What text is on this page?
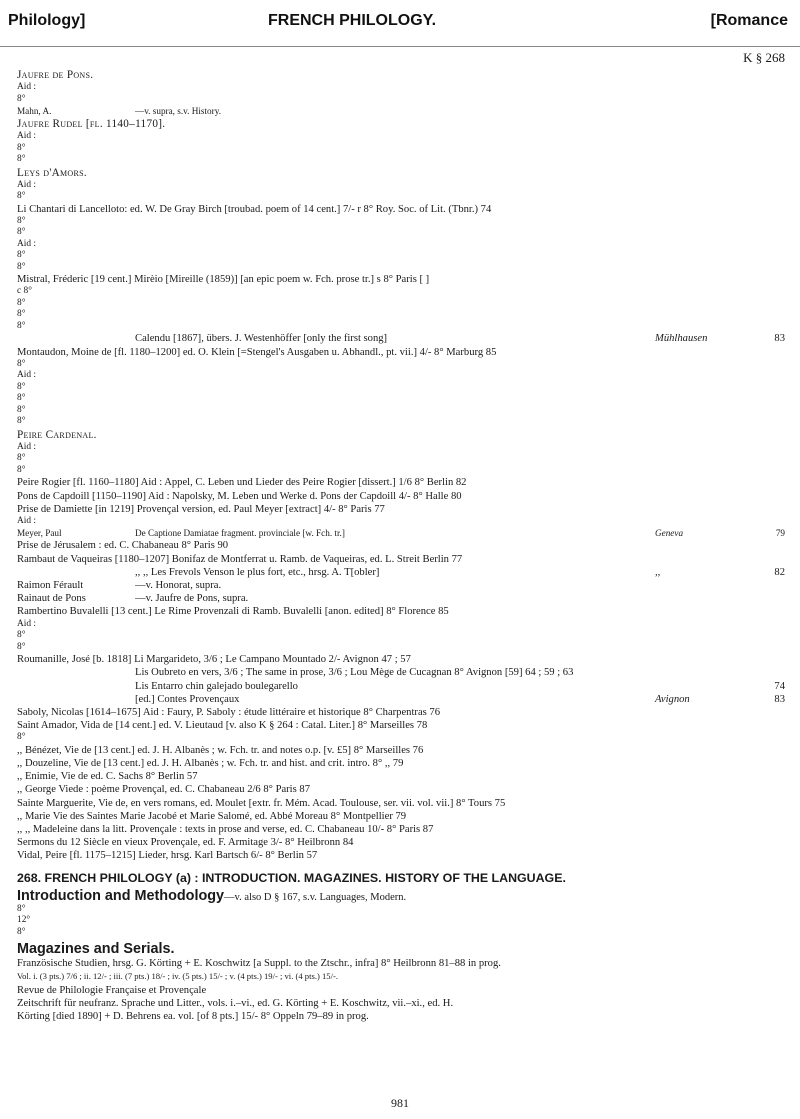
Philology]	FRENCH PHILOLOGY.	[Romance
K § 268
Jaufre de Pons.
Aid :
8°
Mahn, A.	—v. supra, s.v. History.
Jaufre Rudel [fl. 1140–1170].
Aid :
8°
8°
Leys d'Amors.
Aid :
8°
Li Chantari di Lancelloto: ed. W. De Gray Birch [troubad. poem of 14 cent.] 7/- r 8° Roy. Soc. of Lit. (Tbnr.) 74
8°
8°
Aid :
8°
8°
Mistral, Fréderic [19 cent.] Mirèio [Mireille (1859)] [an epic poem w. Fch. prose tr.] s 8° Paris [ ]
c 8°
8°
8°
8°
Calendu [1867], übers. J. Westenhöffer [only the first song]	Mühlhausen	83
Montaudon, Moine de [fl. 1180–1200] ed. O. Klein [=Stengel's Ausgaben u. Abhandl., pt. vii.] 4/- 8° Marburg 85
8°
Aid :
8°
8°
8°
8°
Peire Cardenal.
Aid :
8°
8°
Peire Rogier [fl. 1160–1180] Aid : Appel, C. Leben und Lieder des Peire Rogier [dissert.] 1/6 8° Berlin 82
Pons de Capdoill [1150–1190] Aid : Napolsky, M. Leben und Werke d. Pons der Capdoill 4/- 8° Halle 80
Prise de Damiette [in 1219] Provençal version, ed. Paul Meyer [extract] 4/- 8° Paris 77
Aid :
Meyer, Paul	De Captione Damiatae fragment. provinciale [w. Fch. tr.]	Geneva	79
Prise de Jérusalem : ed. C. Chabaneau 8° Paris 90
Rambaut de Vaqueiras [1180–1207] Bonifaz de Montferrat u. Ramb. de Vaqueiras, ed. L. Streit Berlin 77
,, ,, Les Frevols Venson le plus fort, etc., hrsg. A. T[obler]	,,	82
Raimon Férault	—v. Honorat, supra.
Rainaut de Pons	—v. Jaufre de Pons, supra.
Rambertino Buvalelli [13 cent.] Le Rime Provenzali di Ramb. Buvalelli [anon. edited] 8° Florence 85
Aid :
8°
8°
Roumanille, José [b. 1818] Li Margarideto, 3/6 ; Le Campano Mountado 2/- Avignon 47 ; 57
Lis Oubreto en vers, 3/6 ; The same in prose, 3/6 ; Lou Mège de Cucagnan 8° Avignon [59] 64 ; 59 ; 63
Lis Entarro chin galejado boulegarello	74
[ed.] Contes Provençaux	Avignon	83
Saboly, Nicolas [1614–1675] Aid : Faury, P. Saboly : étude littéraire et historique 8° Charpentras 76
Saint Amador, Vida de [14 cent.] ed. V. Lieutaud [v. also K § 264 : Catal. Liter.] 8° Marseilles 78
8°
,, Bénézet, Vie de [13 cent.] ed. J. H. Albanès ; w. Fch. tr. and notes o.p. [v. £5] 8° Marseilles 76
,, Douzeline, Vie de [13 cent.] ed. J. H. Albanès ; w. Fch. tr. and hist. and crit. intro. 8° ,, 79
,, Enimie, Vie de ed. C. Sachs 8° Berlin 57
,, George Viede : poème Provençal, ed. C. Chabaneau 2/6 8° Paris 87
Sainte Marguerite, Vie de, en vers romans, ed. Moulet [extr. fr. Mém. Acad. Toulouse, ser. vii. vol. vii.] 8° Tours 75
,, Marie Vie des Saintes Marie Jacobé et Marie Salomé, ed. Abbé Moreau 8° Montpellier 79
,, ,, Madeleine dans la litt. Provençale : texts in prose and verse, ed. C. Chabaneau 10/- 8° Paris 87
Sermons du 12 Siècle en vieux Provençale, ed. F. Armitage 3/- 8° Heilbronn 84
Vidal, Peire [fl. 1175–1215] Lieder, hrsg. Karl Bartsch 6/- 8° Berlin 57
268. FRENCH PHILOLOGY (a) : INTRODUCTION. MAGAZINES. HISTORY OF THE LANGUAGE.
Introduction and Methodology—v. also D § 167, s.v. Languages, Modern.
8°
12°
8°
Magazines and Serials.
Französische Studien, hrsg. G. Körting + E. Koschwitz [a Suppl. to the Ztschr., infra] 8° Heilbronn 81–88 in prog.
Vol. i. (3 pts.) 7/6 ; ii. 12/- ; iii. (7 pts.) 18/- ; iv. (5 pts.) 15/- ; v. (4 pts.) 19/- ; vi. (4 pts.) 15/-.
Revue de Philologie Française et Provençale
Zeitschrift für neufranz. Sprache und Litter., vols. i.–vi., ed. G. Körting + E. Koschwitz, vii.–xi., ed. H.
Körting [died 1890] + D. Behrens ea. vol. [of 8 pts.] 15/- 8° Oppeln 79–89 in prog.
981
